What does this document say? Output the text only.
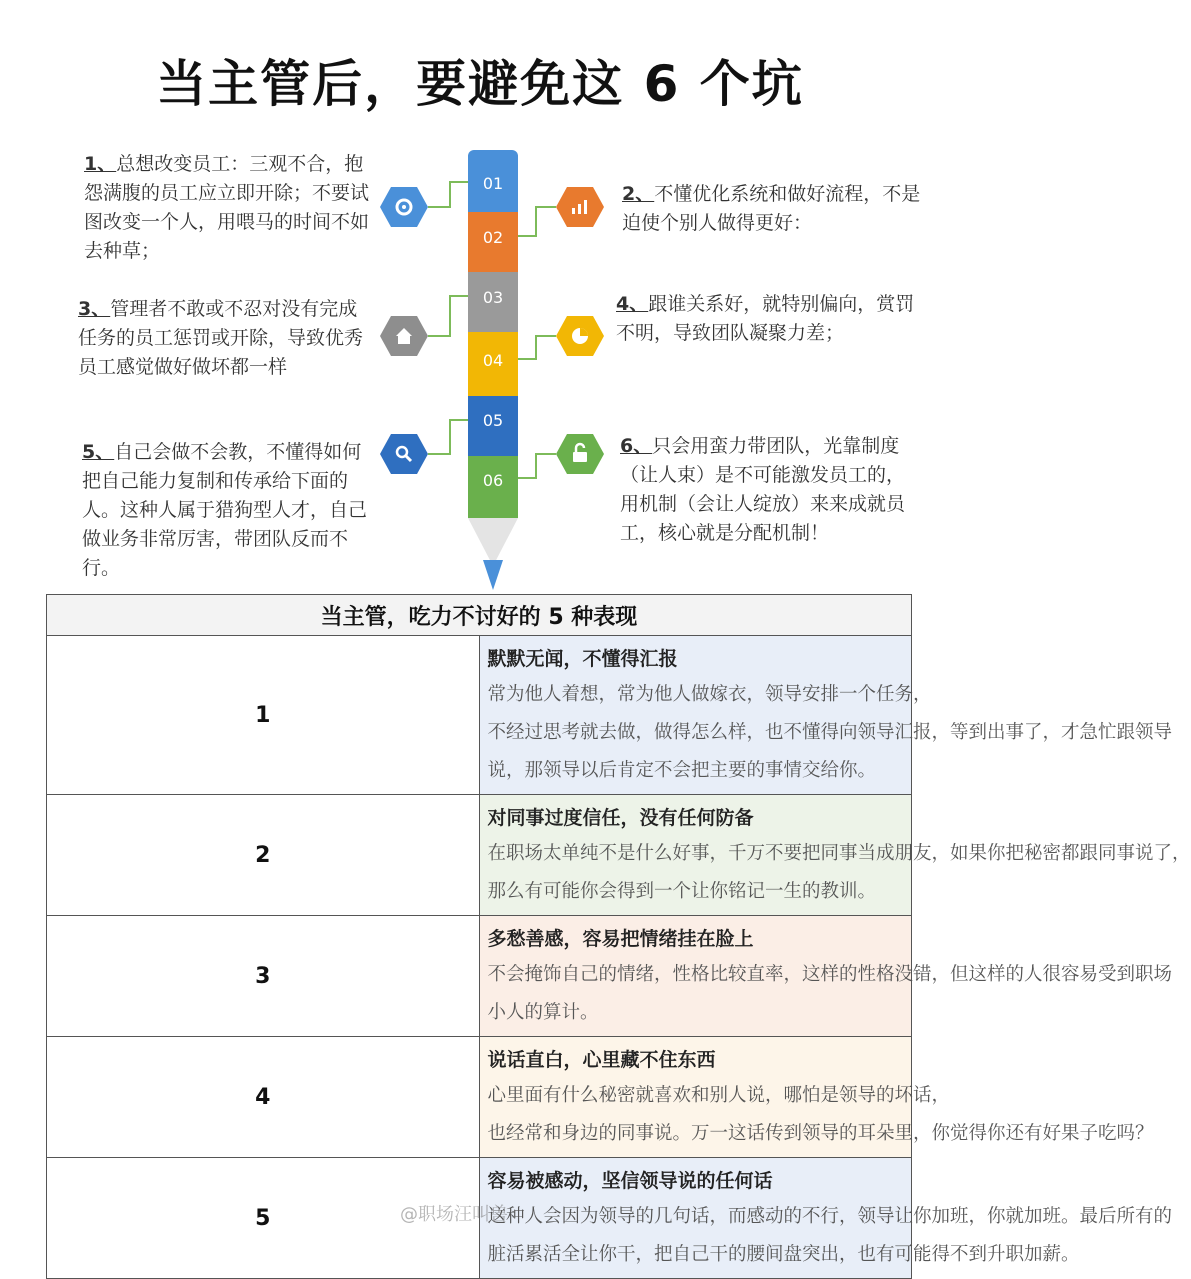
当主管后，要避免这 6 个坑

1、总想改变员工：三观不合，抱怨满腹的员工应立即开除；不要试图改变一个人，用喂马的时间不如去种草；

2、不懂优化系统和做好流程，不是迫使个别人做得更好：

3、管理者不敢或不忍对没有完成任务的员工惩罚或开除，导致优秀员工感觉做好做坏都一样

4、跟谁关系好，就特别偏向，赏罚不明，导致团队凝聚力差；

5、自己会做不会教，不懂得如何把自己能力复制和传承给下面的人。这种人属于猎狗型人才，自己做业务非常厉害，带团队反而不行。

6、只会用蛮力带团队，光靠制度（让人束）是不可能激发员工的，用机制（会让人绽放）来来成就员工，核心就是分配机制！

01
02
03
04
05
06
当主管，吃力不讨好的 5 种表现	
1	默默无闻，不懂得汇报

常为他人着想，常为他人做嫁衣，领导安排一个任务，

不经过思考就去做，做得怎么样，也不懂得向领导汇报，等到出事了，才急忙跟领导

说，那领导以后肯定不会把主要的事情交给你。

2	对同事过度信任，没有任何防备

在职场太单纯不是什么好事，千万不要把同事当成朋友，如果你把秘密都跟同事说了，

那么有可能你会得到一个让你铭记一生的教训。

3	多愁善感，容易把情绪挂在脸上

不会掩饰自己的情绪，性格比较直率，这样的性格没错，但这样的人很容易受到职场

小人的算计。

4	说话直白，心里藏不住东西

心里面有什么秘密就喜欢和别人说，哪怕是领导的坏话，

也经常和身边的同事说。万一这话传到领导的耳朵里，你觉得你还有好果子吃吗？

5	容易被感动，坚信领导说的任何话

这种人会因为领导的几句话，而感动的不行，领导让你加班，你就加班。最后所有的

脏活累活全让你干，把自己干的腰间盘突出，也有可能得不到升职加薪。

@职场汪叫兽
